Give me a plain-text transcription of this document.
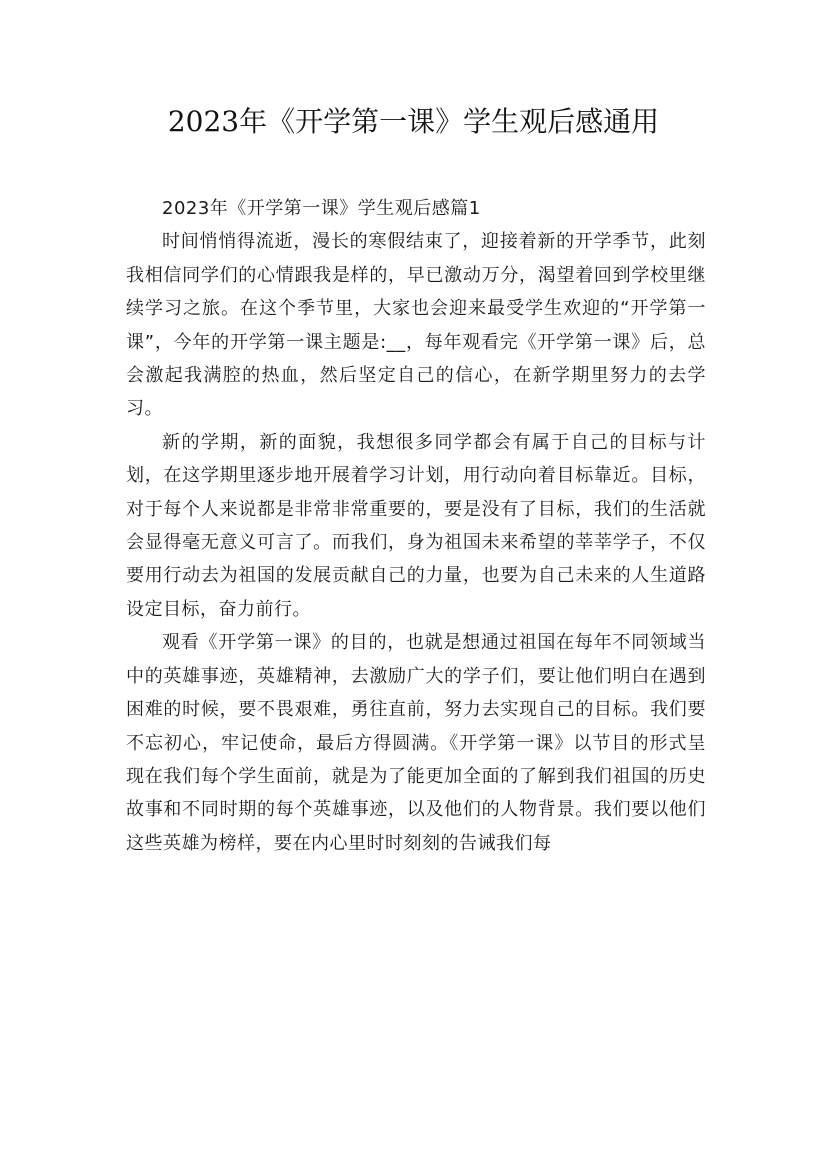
2023年《开学第一课》学生观后感通用

2023年《开学第一课》学生观后感篇1

时间悄悄得流逝，漫长的寒假结束了，迎接着新的开学季节，此刻我相信同学们的心情跟我是样的，早已激动万分，渴望着回到学校里继续学习之旅。在这个季节里，大家也会迎来最受学生欢迎的“开学第一课”，今年的开学第一课主题是:__，每年观看完《开学第一课》后，总会激起我满腔的热血，然后坚定自己的信心，在新学期里努力的去学习。

新的学期，新的面貌，我想很多同学都会有属于自己的目标与计划，在这学期里逐步地开展着学习计划，用行动向着目标靠近。目标，对于每个人来说都是非常非常重要的，要是没有了目标，我们的生活就会显得毫无意义可言了。而我们，身为祖国未来希望的莘莘学子，不仅要用行动去为祖国的发展贡献自己的力量，也要为自己未来的人生道路设定目标，奋力前行。

观看《开学第一课》的目的，也就是想通过祖国在每年不同领域当中的英雄事迹，英雄精神，去激励广大的学子们，要让他们明白在遇到困难的时候，要不畏艰难，勇往直前，努力去实现自己的目标。我们要不忘初心，牢记使命，最后方得圆满。《开学第一课》以节目的形式呈现在我们每个学生面前，就是为了能更加全面的了解到我们祖国的历史故事和不同时期的每个英雄事迹，以及他们的人物背景。我们要以他们这些英雄为榜样，要在内心里时时刻刻的告诫我们每
